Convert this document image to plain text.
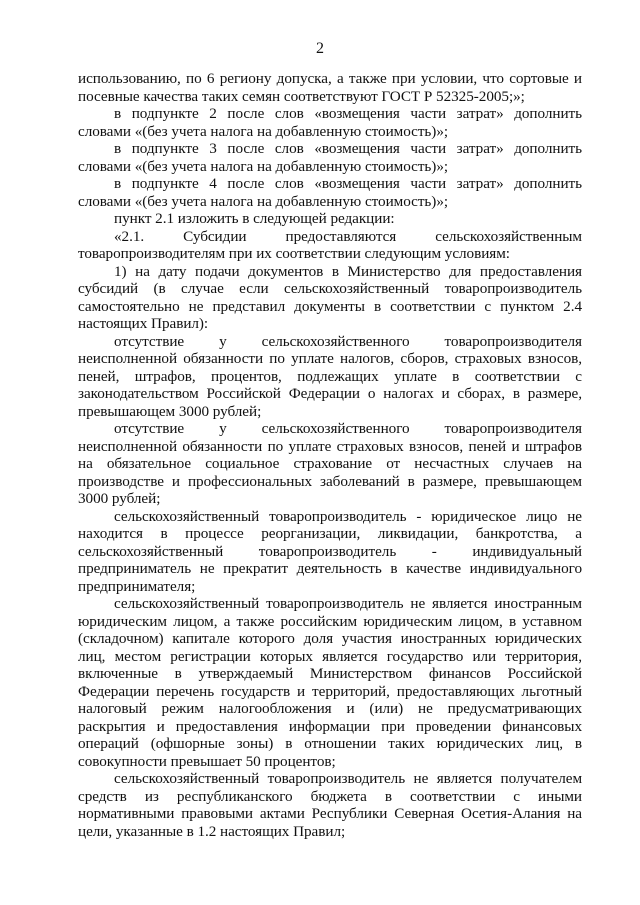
2

использованию, по 6 региону допуска, а также при условии, что сортовые и посевные качества таких семян соответствуют ГОСТ Р 52325-2005;»;

в подпункте 2 после слов «возмещения части затрат» дополнить словами «(без учета налога на добавленную стоимость)»;

в подпункте 3 после слов «возмещения части затрат» дополнить словами «(без учета налога на добавленную стоимость)»;

в подпункте 4 после слов «возмещения части затрат» дополнить словами «(без учета налога на добавленную стоимость)»;

пункт 2.1 изложить в следующей редакции:

«2.1. Субсидии предоставляются сельскохозяйственным товаропроизводителям при их соответствии следующим условиям:

1) на дату подачи документов в Министерство для предоставления субсидий (в случае если сельскохозяйственный товаропроизводитель самостоятельно не представил документы в соответствии с пунктом 2.4 настоящих Правил):

отсутствие у сельскохозяйственного товаропроизводителя неисполненной обязанности по уплате налогов, сборов, страховых взносов, пеней, штрафов, процентов, подлежащих уплате в соответствии с законодательством Российской Федерации о налогах и сборах, в размере, превышающем 3000 рублей;

отсутствие у сельскохозяйственного товаропроизводителя неисполненной обязанности по уплате страховых взносов, пеней и штрафов на обязательное социальное страхование от несчастных случаев на производстве и профессиональных заболеваний в размере, превышающем 3000 рублей;

сельскохозяйственный товаропроизводитель - юридическое лицо не находится в процессе реорганизации, ликвидации, банкротства, а сельскохозяйственный товаропроизводитель - индивидуальный предприниматель не прекратит деятельность в качестве индивидуального предпринимателя;

сельскохозяйственный товаропроизводитель не является иностранным юридическим лицом, а также российским юридическим лицом, в уставном (складочном) капитале которого доля участия иностранных юридических лиц, местом регистрации которых является государство или территория, включенные в утверждаемый Министерством финансов Российской Федерации перечень государств и территорий, предоставляющих льготный налоговый режим налогообложения и (или) не предусматривающих раскрытия и предоставления информации при проведении финансовых операций (офшорные зоны) в отношении таких юридических лиц, в совокупности превышает 50 процентов;

сельскохозяйственный товаропроизводитель не является получателем средств из республиканского бюджета в соответствии с иными нормативными правовыми актами Республики Северная Осетия-Алания на цели, указанные в 1.2 настоящих Правил;
